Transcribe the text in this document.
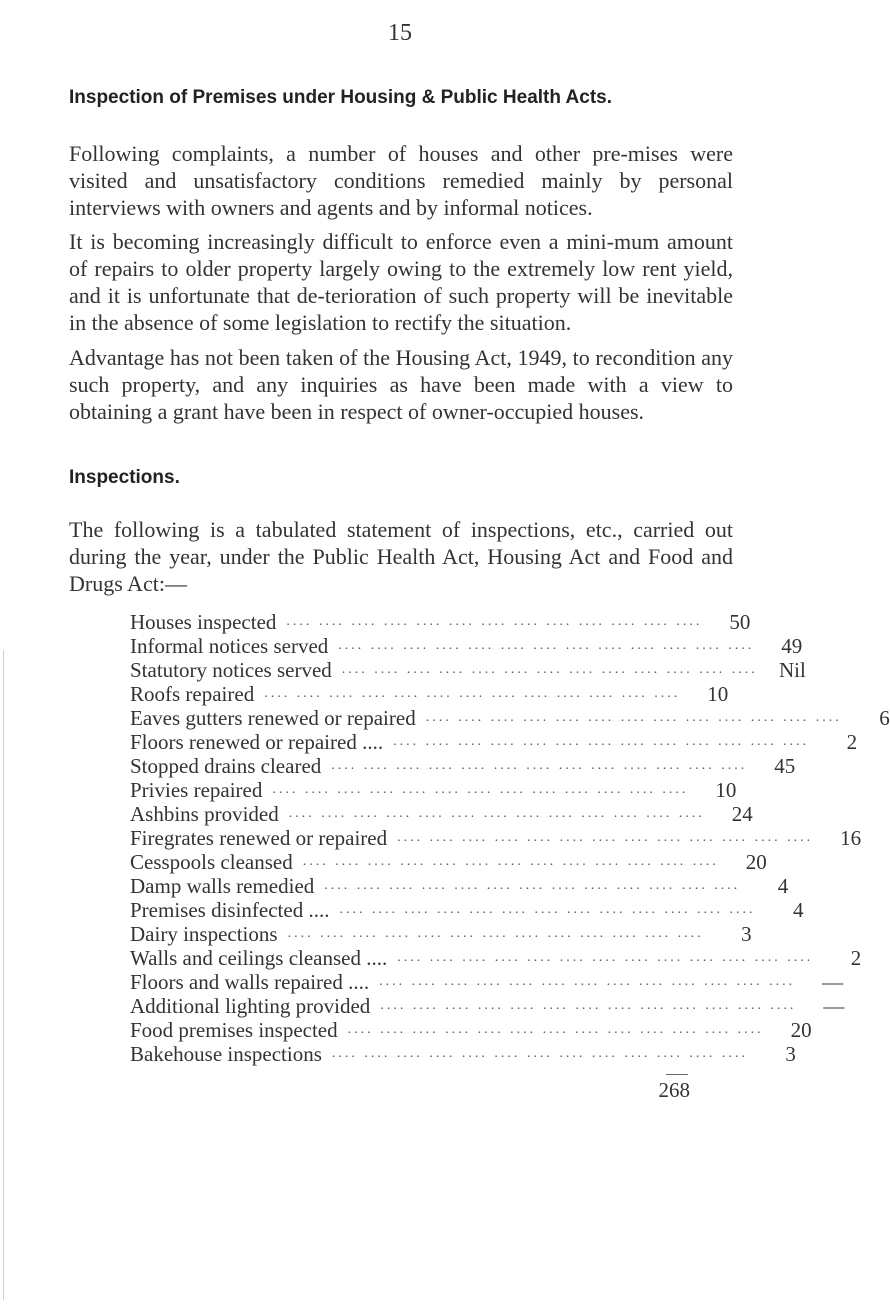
15
Inspection of Premises under Housing & Public Health Acts.

Following complaints, a number of houses and other pre-mises were visited and unsatisfactory conditions remedied mainly by personal interviews with owners and agents and by informal notices.

It is becoming increasingly difficult to enforce even a mini-mum amount of repairs to older property largely owing to the extremely low rent yield, and it is unfortunate that de-terioration of such property will be inevitable in the absence of some legislation to rectify the situation.

Advantage has not been taken of the Housing Act, 1949, to recondition any such property, and any inquiries as have been made with a view to obtaining a grant have been in respect of owner-occupied houses.

Inspections.

The following is a tabulated statement of inspections, etc., carried out during the year, under the Public Health Act, Housing Act and Food and Drugs Act:—

Houses inspected .... .... .... .... .... .... .... .... .... .... .... .... ....	50
Informal notices served .... .... .... .... .... .... .... .... .... .... .... .... ....	49
Statutory notices served .... .... .... .... .... .... .... .... .... .... .... .... ....	Nil
Roofs repaired .... .... .... .... .... .... .... .... .... .... .... .... ....	10
Eaves gutters renewed or repaired .... .... .... .... .... .... .... .... .... .... .... .... ....	6
Floors renewed or repaired .... .... .... .... .... .... .... .... .... .... .... .... .... ....	2
Stopped drains cleared .... .... .... .... .... .... .... .... .... .... .... .... ....	45
Privies repaired .... .... .... .... .... .... .... .... .... .... .... .... ....	10
Ashbins provided .... .... .... .... .... .... .... .... .... .... .... .... ....	24
Firegrates renewed or repaired .... .... .... .... .... .... .... .... .... .... .... .... ....	16
Cesspools cleansed .... .... .... .... .... .... .... .... .... .... .... .... ....	20
Damp walls remedied .... .... .... .... .... .... .... .... .... .... .... .... ....	4
Premises disinfected .... .... .... .... .... .... .... .... .... .... .... .... .... ....	4
Dairy inspections .... .... .... .... .... .... .... .... .... .... .... .... ....	3
Walls and ceilings cleansed .... .... .... .... .... .... .... .... .... .... .... .... .... ....	2
Floors and walls repaired .... .... .... .... .... .... .... .... .... .... .... .... .... ....	—
Additional lighting provided .... .... .... .... .... .... .... .... .... .... .... .... ....	—
Food premises inspected .... .... .... .... .... .... .... .... .... .... .... .... ....	20
Bakehouse inspections .... .... .... .... .... .... .... .... .... .... .... .... ....	3
268
